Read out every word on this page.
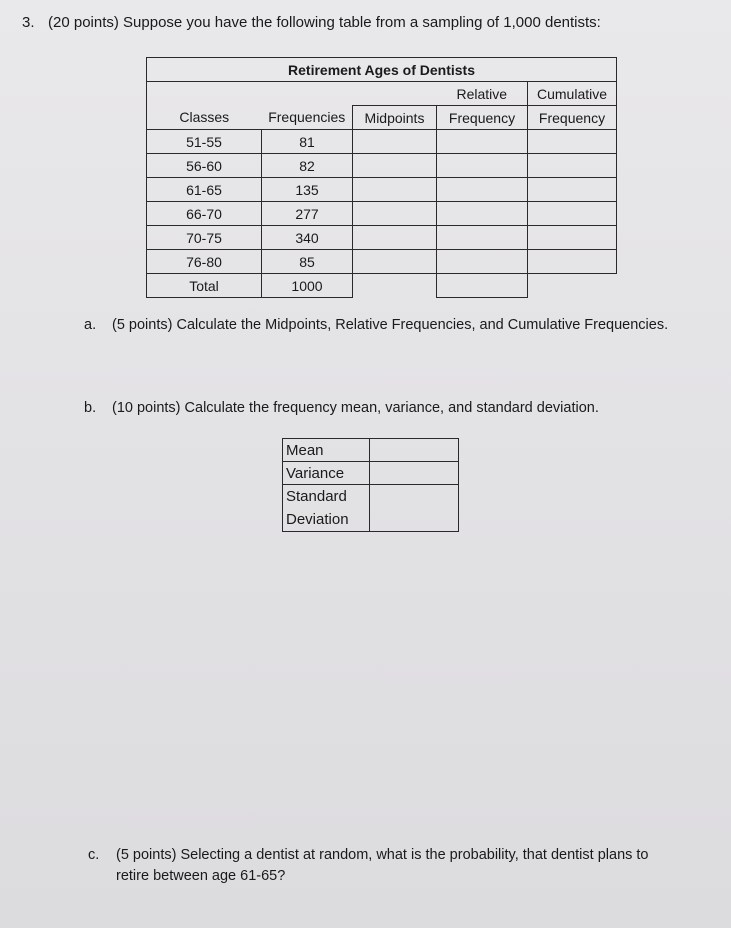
3. (20 points) Suppose you have the following table from a sampling of 1,000 dentists:
Retirement Ages of Dentists				
			Relative	Cumulative
Classes	Frequencies	Midpoints	Frequency	Frequency
51-55	81			
56-60	82			
61-65	135			
66-70	277			
70-75	340			
76-80	85			
Total	1000			
a. (5 points) Calculate the Midpoints, Relative Frequencies, and Cumulative Frequencies.
b. (10 points) Calculate the frequency mean, variance, and standard deviation.
Mean	
Variance	
Standard
Deviation	
c. (5 points) Selecting a dentist at random, what is the probability, that dentist plans to
retire between age 61-65?
